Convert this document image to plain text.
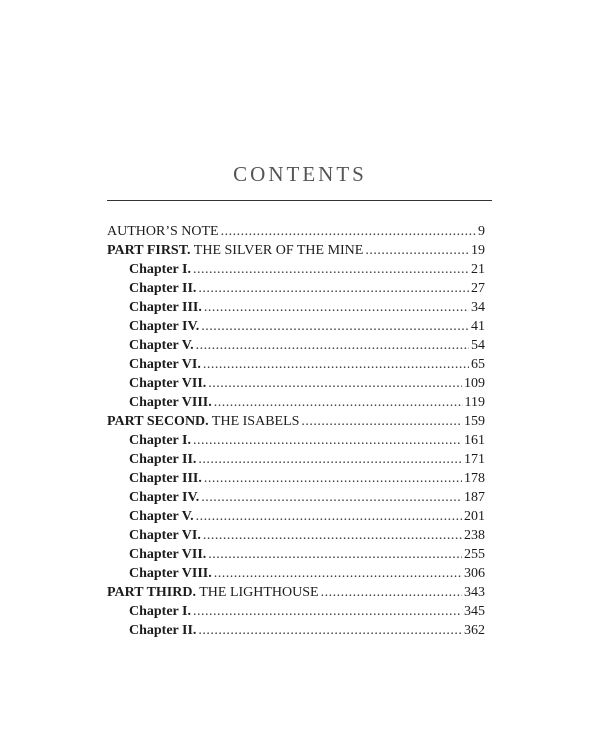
CONTENTS
AUTHOR’S NOTE . . .	9
PART FIRST. THE SILVER OF THE MINE . . .	19
Chapter I. . . .	21
Chapter II. . . .	27
Chapter III. . . .	34
Chapter IV. . . .	41
Chapter V. . . .	54
Chapter VI. . . .	65
Chapter VII. . . .	109
Chapter VIII. . . .	119
PART SECOND. THE ISABELS . . .	159
Chapter I. . . .	161
Chapter II. . . .	171
Chapter III. . . .	178
Chapter IV. . . .	187
Chapter V. . . .	201
Chapter VI. . . .	238
Chapter VII. . . .	255
Chapter VIII. . . .	306
PART THIRD. THE LIGHTHOUSE . . .	343
Chapter I. . . .	345
Chapter II. . . .	362
